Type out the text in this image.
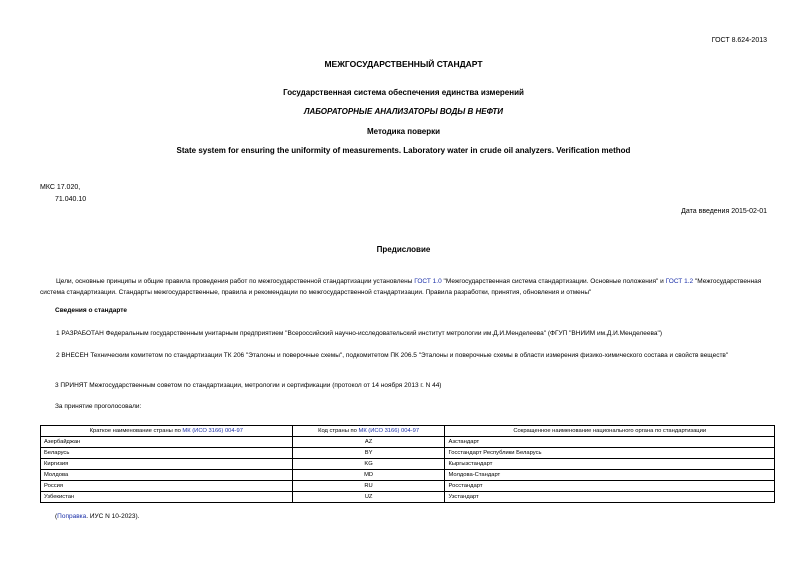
ГОСТ 8.624-2013
МЕЖГОСУДАРСТВЕННЫЙ СТАНДАРТ
Государственная система обеспечения единства измерений
ЛАБОРАТОРНЫЕ АНАЛИЗАТОРЫ ВОДЫ В НЕФТИ
Методика поверки
State system for ensuring the uniformity of measurements. Laboratory water in crude oil analyzers. Verification method
МКС 17.020,
71.040.10
Дата введения 2015-02-01
Предисловие
Цели, основные принципы и общие правила проведения работ по межгосударственной стандартизации установлены ГОСТ 1.0 "Межгосударственная система стандартизации. Основные положения" и ГОСТ 1.2 "Межгосударственная система стандартизации. Стандарты межгосударственные, правила и рекомендации по межгосударственной стандартизации. Правила разработки, принятия, обновления и отмены"
Сведения о стандарте
1 РАЗРАБОТАН Федеральным государственным унитарным предприятием "Всероссийский научно-исследовательский институт метрологии им.Д.И.Менделеева" (ФГУП "ВНИИМ им.Д.И.Менделеева")
2 ВНЕСЕН Техническим комитетом по стандартизации ТК 206 "Эталоны и поверочные схемы", подкомитетом ПК 206.5 "Эталоны и поверочные схемы в области измерения физико-химического состава и свойств веществ"
3 ПРИНЯТ Межгосударственным советом по стандартизации, метрологии и сертификации (протокол от 14 ноября 2013 г. N 44)
За принятие проголосовали:
Краткое наименование страны по МК (ИСО 3166) 004-97	Код страны по МК (ИСО 3166) 004-97	Сокращенное наименование национального органа по стандартизации
Азербайджан	AZ	Азстандарт
Беларусь	BY	Госстандарт Республики Беларусь
Киргизия	KG	Кыргызстандарт
Молдова	MD	Молдова-Стандарт
Россия	RU	Росстандарт
Узбекистан	UZ	Узстандарт
(Поправка. ИУС N 10-2023).
